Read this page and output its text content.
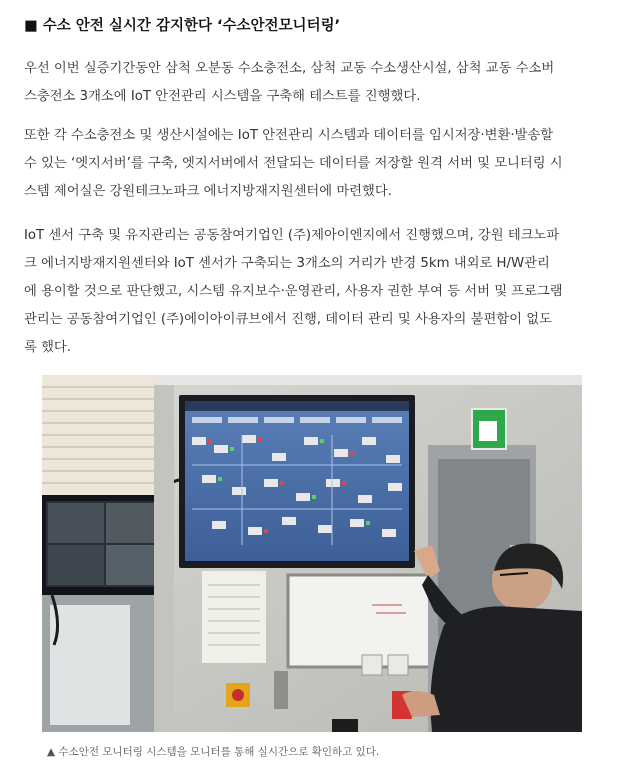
■ 수소 안전 실시간 감지한다 ‘수소안전모니터링’

우선 이번 실증기간동안 삼척 오분동 수소충전소, 삼척 교동 수소생산시설, 삼척 교동 수소버
스충전소 3개소에 IoT 안전관리 시스템을 구축해 테스트를 진행했다.

또한 각 수소충전소 및 생산시설에는 IoT 안전관리 시스템과 데이터를 임시저장·변환·발송할
수 있는 ‘엣지서버’를 구축, 엣지서버에서 전달되는 데이터를 저장할 원격 서버 및 모니터링 시
스템 제어실은 강원테크노파크 에너지방재지원센터에 마련했다.

IoT 센서 구축 및 유지관리는 공동참여기업인 (주)제아이엔지에서 진행했으며, 강원 테크노파
크 에너지방재지원센터와 IoT 센서가 구축되는 3개소의 거리가 반경 5km 내외로 H/W관리
에 용이할 것으로 판단했고, 시스템 유지보수·운영관리, 사용자 권한 부여 등 서버 및 프로그램
관리는 공동참여기업인 (주)에이아이큐브에서 진행, 데이터 관리 및 사용자의 불편함이 없도
록 했다.

▲ 수소안전 모니터링 시스템을 모니터를 통해 실시간으로 확인하고 있다.
